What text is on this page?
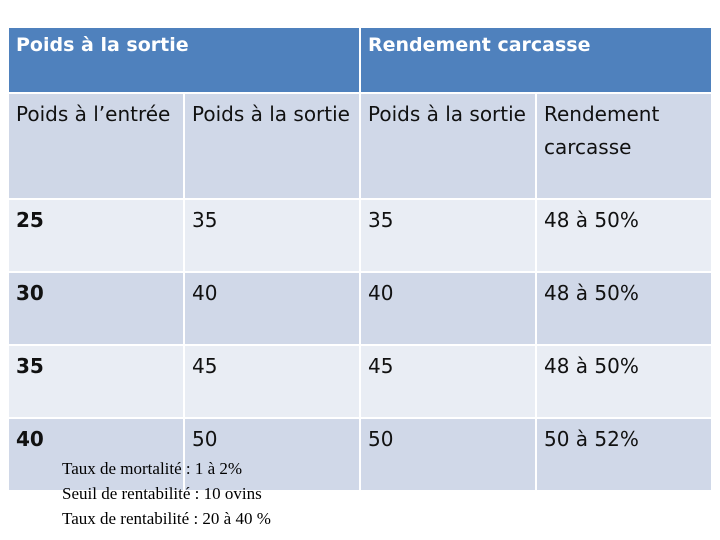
Poids à la sortie		Rendement carcasse	
Poids à l’entrée	Poids à la sortie	Poids à la sortie	Rendement carcasse
25	35	35	48 à 50%
30	40	40	48 à 50%
35	45	45	48 à 50%
40	50	50	50 à 52%
Taux de mortalité : 1 à 2%
Seuil de rentabilité : 10 ovins
Taux de rentabilité : 20 à 40 %
